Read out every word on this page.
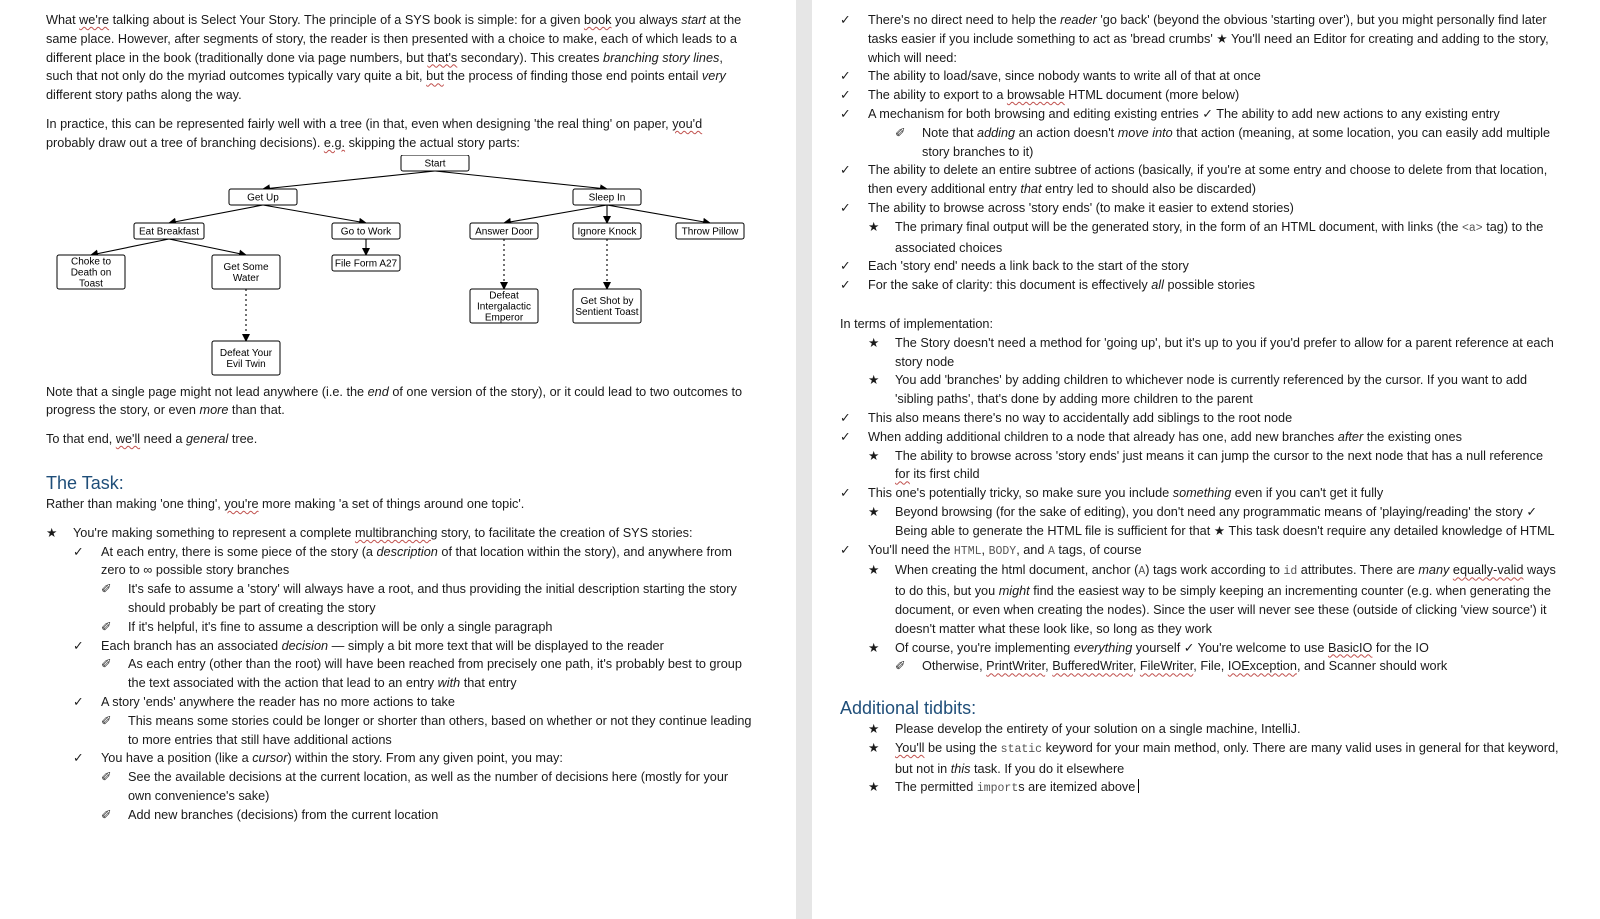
What we're talking about is Select Your Story. The principle of a SYS book is simple: for a given book you always start at the same place. However, after segments of story, the reader is then presented with a choice to make, each of which leads to a different place in the book (traditionally done via page numbers, but that's secondary). This creates branching story lines, such that not only do the myriad outcomes typically vary quite a bit, but the process of finding those end points entail very different story paths along the way.

In practice, this can be represented fairly well with a tree (in that, even when designing 'the real thing' on paper, you'd probably draw out a tree of branching decisions). e.g. skipping the actual story parts:

Start
Get Up	Sleep In
Eat Breakfast	Go to Work	Answer Door	Ignore Knock	Throw Pillow
Choke to
Death on
Toast
Get Some
Water
File Form A27
Defeat
Intergalactic
Emperor
Get Shot by
Sentient Toast
Defeat Your
Evil Twin

Note that a single page might not lead anywhere (i.e. the end of one version of the story), or it could lead to two outcomes to progress the story, or even more than that.

To that end, we'll need a general tree.

The Task:

Rather than making 'one thing', you're more making 'a set of things around one topic'.

★	You're making something to represent a complete multibranching story, to facilitate the creation of SYS stories:
✓	At each entry, there is some piece of the story (a description of that location within the story), and anywhere from zero to ∞ possible story branches
✐	It's safe to assume a 'story' will always have a root, and thus providing the initial description starting the story should probably be part of creating the story
✐	If it's helpful, it's fine to assume a description will be only a single paragraph
✓	Each branch has an associated decision — simply a bit more text that will be displayed to the reader
✐	As each entry (other than the root) will have been reached from precisely one path, it's probably best to group the text associated with the action that lead to an entry with that entry
✓	A story 'ends' anywhere the reader has no more actions to take
✐	This means some stories could be longer or shorter than others, based on whether or not they continue leading to more entries that still have additional actions
✓	You have a position (like a cursor) within the story. From any given point, you may:
✐	See the available decisions at the current location, as well as the number of decisions here (mostly for your own convenience's sake)
✐	Add new branches (decisions) from the current location
✓	There's no direct need to help the reader 'go back' (beyond the obvious 'starting over'), but you might personally find later tasks easier if you include something to act as 'bread crumbs' ★ You'll need an Editor for creating and adding to the story, which will need:
✓	The ability to load/save, since nobody wants to write all of that at once
✓	The ability to export to a browsable HTML document (more below)
✓	A mechanism for both browsing and editing existing entries ✓ The ability to add new actions to any existing entry
✐	Note that adding an action doesn't move into that action (meaning, at some location, you can easily add multiple story branches to it)
✓	The ability to delete an entire subtree of actions (basically, if you're at some entry and choose to delete from that location, then every additional entry that entry led to should also be discarded)
✓	The ability to browse across 'story ends' (to make it easier to extend stories)
★	The primary final output will be the generated story, in the form of an HTML document, with links (the <a> tag) to the associated choices
✓	Each 'story end' needs a link back to the start of the story
✓	For the sake of clarity: this document is effectively all possible stories

In terms of implementation:

★	The Story doesn't need a method for 'going up', but it's up to you if you'd prefer to allow for a parent reference at each story node
★	You add 'branches' by adding children to whichever node is currently referenced by the cursor. If you want to add 'sibling paths', that's done by adding more children to the parent
✓	This also means there's no way to accidentally add siblings to the root node
✓	When adding additional children to a node that already has one, add new branches after the existing ones
★	The ability to browse across 'story ends' just means it can jump the cursor to the next node that has a null reference for its first child
✓	This one's potentially tricky, so make sure you include something even if you can't get it fully
★	Beyond browsing (for the sake of editing), you don't need any programmatic means of 'playing/reading' the story ✓ Being able to generate the HTML file is sufficient for that ★ This task doesn't require any detailed knowledge of HTML
✓	You'll need the HTML, BODY, and A tags, of course
★	When creating the html document, anchor (A) tags work according to id attributes. There are many equally-valid ways to do this, but you might find the easiest way to be simply keeping an incrementing counter (e.g. when generating the document, or even when creating the nodes). Since the user will never see these (outside of clicking 'view source') it doesn't matter what these look like, so long as they work
★	Of course, you're implementing everything yourself ✓ You're welcome to use BasicIO for the IO
✐	Otherwise, PrintWriter, BufferedWriter, FileWriter, File, IOException, and Scanner should work

Additional tidbits:

★	Please develop the entirety of your solution on a single machine, IntelliJ.
★	You'll be using the static keyword for your main method, only. There are many valid uses in general for that keyword, but not in this task. If you do it elsewhere
★	The permitted imports are itemized above
